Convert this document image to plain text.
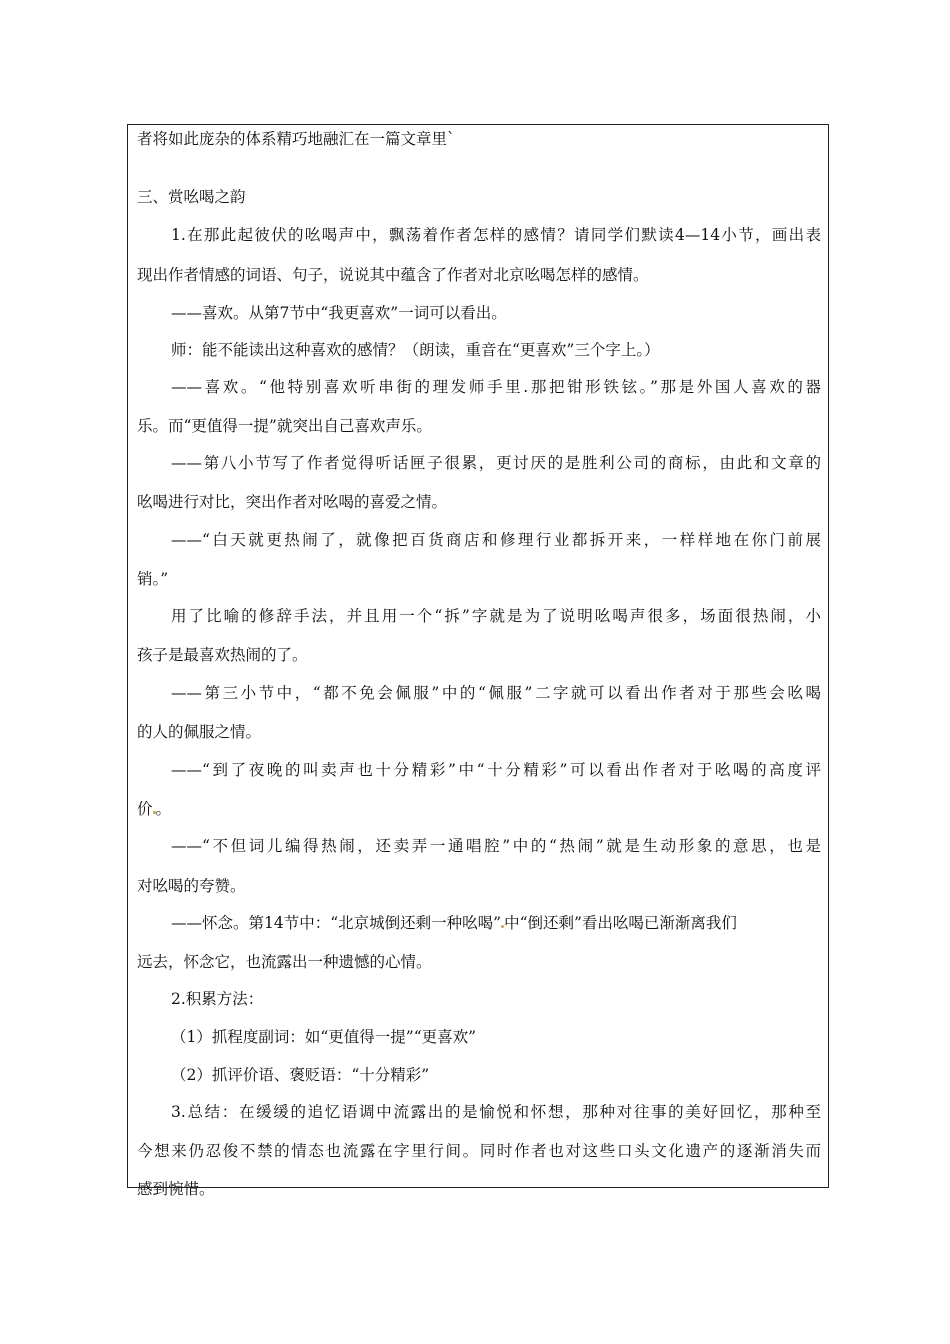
者将如此庞杂的体系精巧地融汇在一篇文章里`
三、赏吆喝之韵
1.在那此起彼伏的吆喝声中，飘荡着作者怎样的感情？请同学们默读4—14小节，画出表
现出作者情感的词语、句子，说说其中蕴含了作者对北京吆喝怎样的感情。
——喜欢。从第7节中“我更喜欢”一词可以看出。
师：能不能读出这种喜欢的感情？（朗读，重音在“更喜欢”三个字上。）
——喜欢。“他特别喜欢听串街的理发师手里.那把钳形铁铉。”那是外国人喜欢的器
乐。而“更值得一提”就突出自己喜欢声乐。
——第八小节写了作者觉得听话匣子很累，更讨厌的是胜利公司的商标，由此和文章的
吆喝进行对比，突出作者对吆喝的喜爱之情。
——“白天就更热闹了，就像把百货商店和修理行业都拆开来，一样样地在你门前展
销。”
用了比喻的修辞手法，并且用一个“拆”字就是为了说明吆喝声很多，场面很热闹，小
孩子是最喜欢热闹的了。
——第三小节中，“都不免会佩服”中的“佩服”二字就可以看出作者对于那些会吆喝
的人的佩服之情。
——“到了夜晚的叫卖声也十分精彩”中“十分精彩”可以看出作者对于吆喝的高度评
价 。
——“不但词儿编得热闹，还卖弄一通唱腔”中的“热闹”就是生动形象的意思，也是
对吆喝的夸赞。
——怀念。第14节中：“北京城倒还剩一种吆喝” 中“倒还剩”看出吆喝已渐渐离我们
远去，怀念它，也流露出一种遗憾的心情。
2.积累方法：
（1）抓程度副词：如“更值得一提”“更喜欢”
（2）抓评价语、褒贬语：“十分精彩”
3.总结：在缓缓的追忆语调中流露出的是愉悦和怀想，那种对往事的美好回忆，那种至
今想来仍忍俊不禁的情态也流露在字里行间。同时作者也对这些口头文化遗产的逐渐消失而
感到惋惜。
